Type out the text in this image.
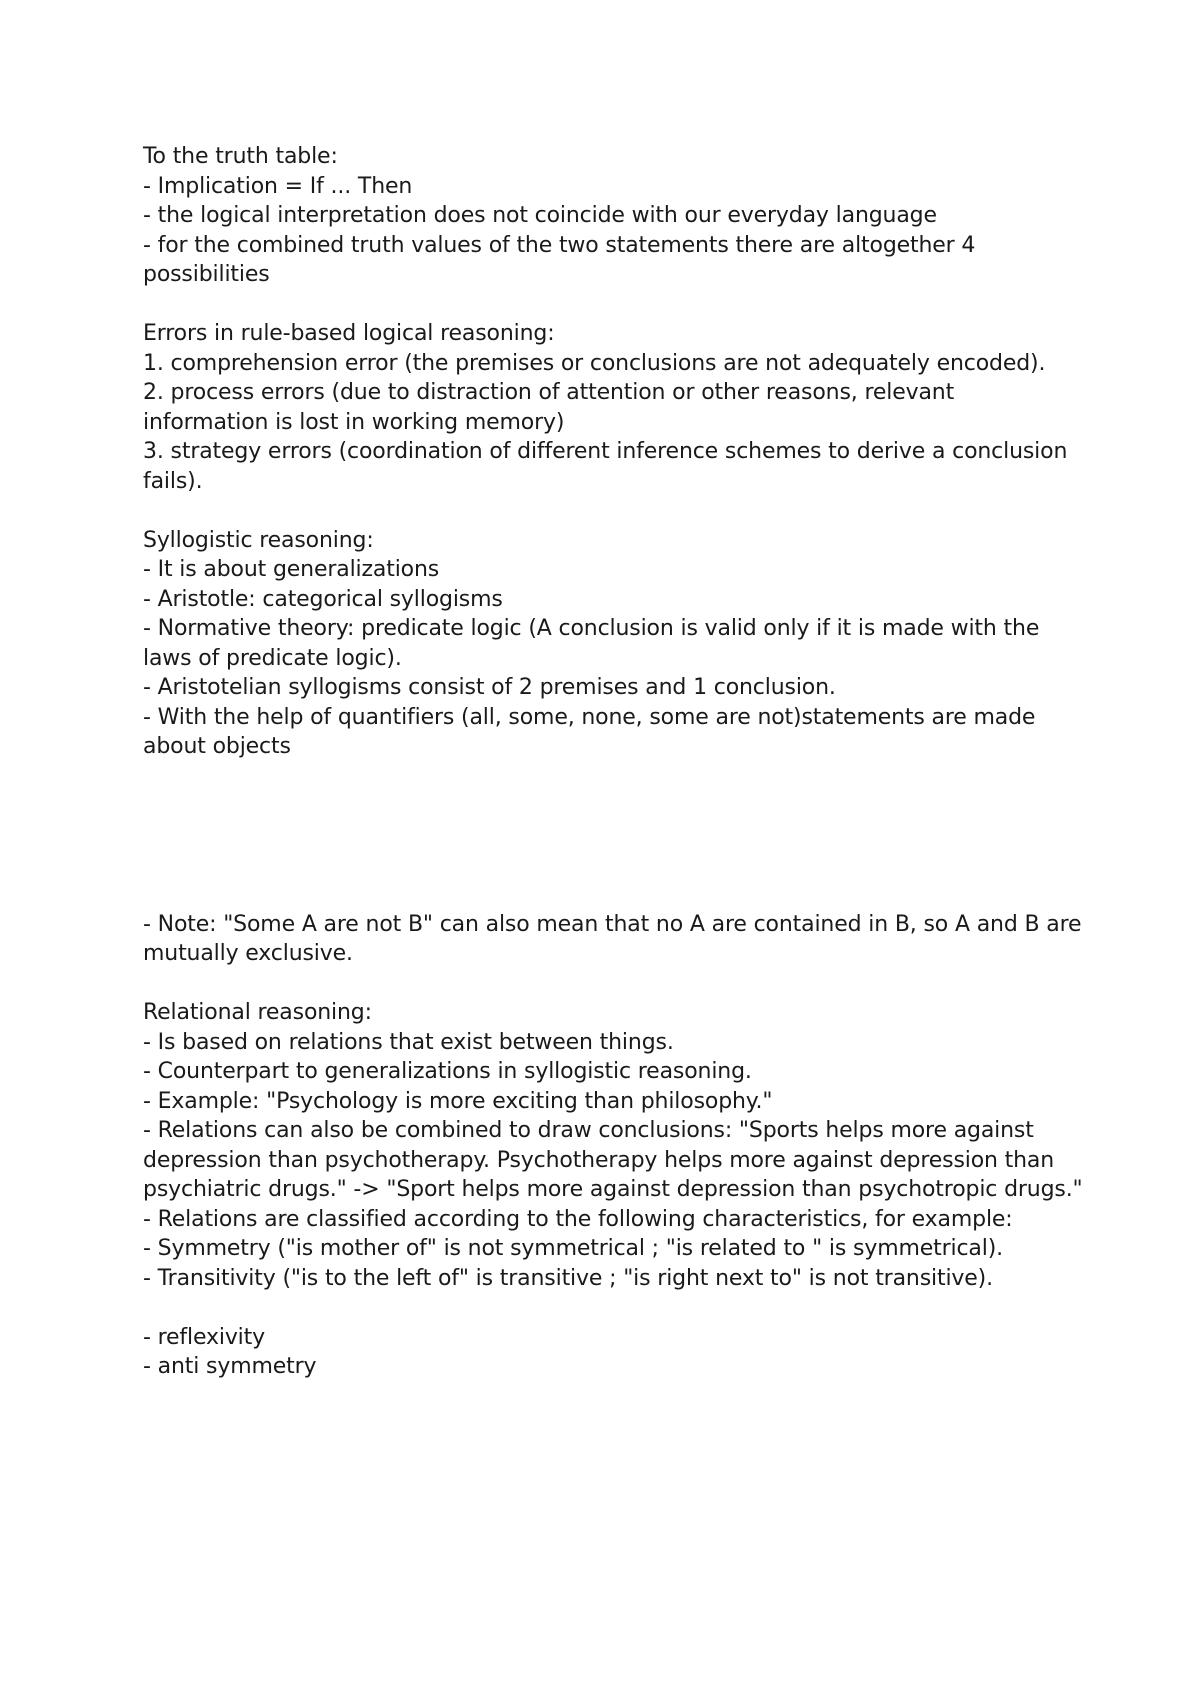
To the truth table:
- Implication = If ... Then
- the logical interpretation does not coincide with our everyday language
- for the combined truth values of the two statements there are altogether 4 possibilities
Errors in rule-based logical reasoning:
1. comprehension error (the premises or conclusions are not adequately encoded).
2. process errors (due to distraction of attention or other reasons, relevant information is lost in working memory)
3. strategy errors (coordination of different inference schemes to derive a conclusion fails).
Syllogistic reasoning:
- It is about generalizations
- Aristotle: categorical syllogisms
- Normative theory: predicate logic (A conclusion is valid only if it is made with the laws of predicate logic).
- Aristotelian syllogisms consist of 2 premises and 1 conclusion.
- With the help of quantifiers (all, some, none, some are not)statements are made about objects
- Note: "Some A are not B" can also mean that no A are contained in B, so A and B are mutually exclusive.
Relational reasoning:
- Is based on relations that exist between things.
- Counterpart to generalizations in syllogistic reasoning.
- Example: "Psychology is more exciting than philosophy."
- Relations can also be combined to draw conclusions: "Sports helps more against depression than psychotherapy. Psychotherapy helps more against depression than psychiatric drugs." -> "Sport helps more against depression than psychotropic drugs."
- Relations are classified according to the following characteristics, for example:
- Symmetry ("is mother of" is not symmetrical ; "is related to " is symmetrical).
- Transitivity ("is to the left of" is transitive ; "is right next to" is not transitive).
- reflexivity
- anti symmetry
